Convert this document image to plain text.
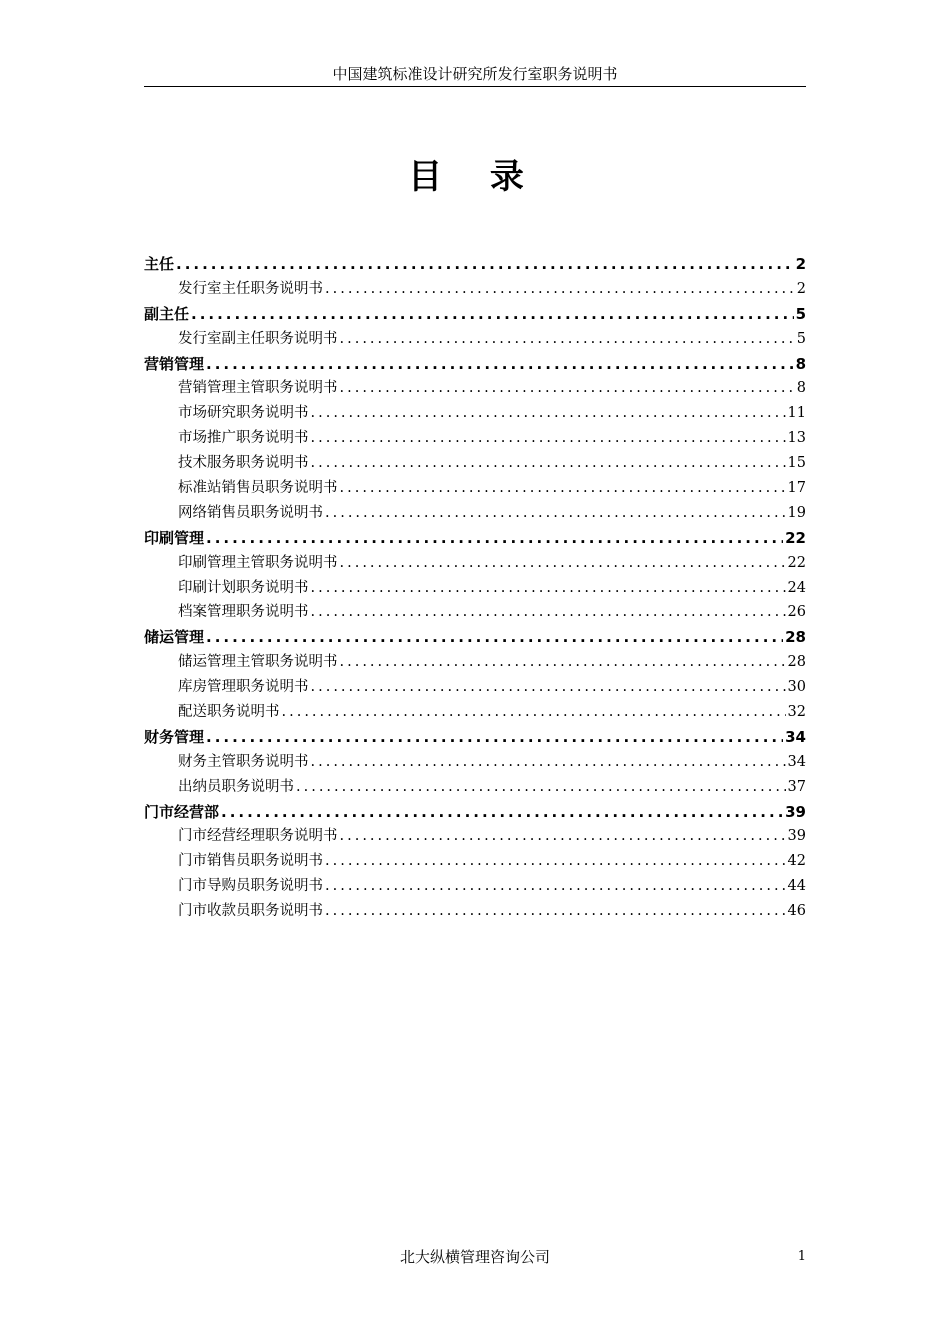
中国建筑标准设计研究所发行室职务说明书
目 录
主任 .....	2
发行室主任职务说明书 .....	2
副主任 .....	5
发行室副主任职务说明书 .....	5
营销管理 .....	8
营销管理主管职务说明书 .....	8
市场研究职务说明书 .....	11
市场推广职务说明书 .....	13
技术服务职务说明书 .....	15
标准站销售员职务说明书 .....	17
网络销售员职务说明书 .....	19
印刷管理 .....	22
印刷管理主管职务说明书 .....	22
印刷计划职务说明书 .....	24
档案管理职务说明书 .....	26
储运管理 .....	28
储运管理主管职务说明书 .....	28
库房管理职务说明书 .....	30
配送职务说明书 .....	32
财务管理 .....	34
财务主管职务说明书 .....	34
出纳员职务说明书 .....	37
门市经营部 .....	39
门市经营经理职务说明书 .....	39
门市销售员职务说明书 .....	42
门市导购员职务说明书 .....	44
门市收款员职务说明书 .....	46
北大纵横管理咨询公司	1
